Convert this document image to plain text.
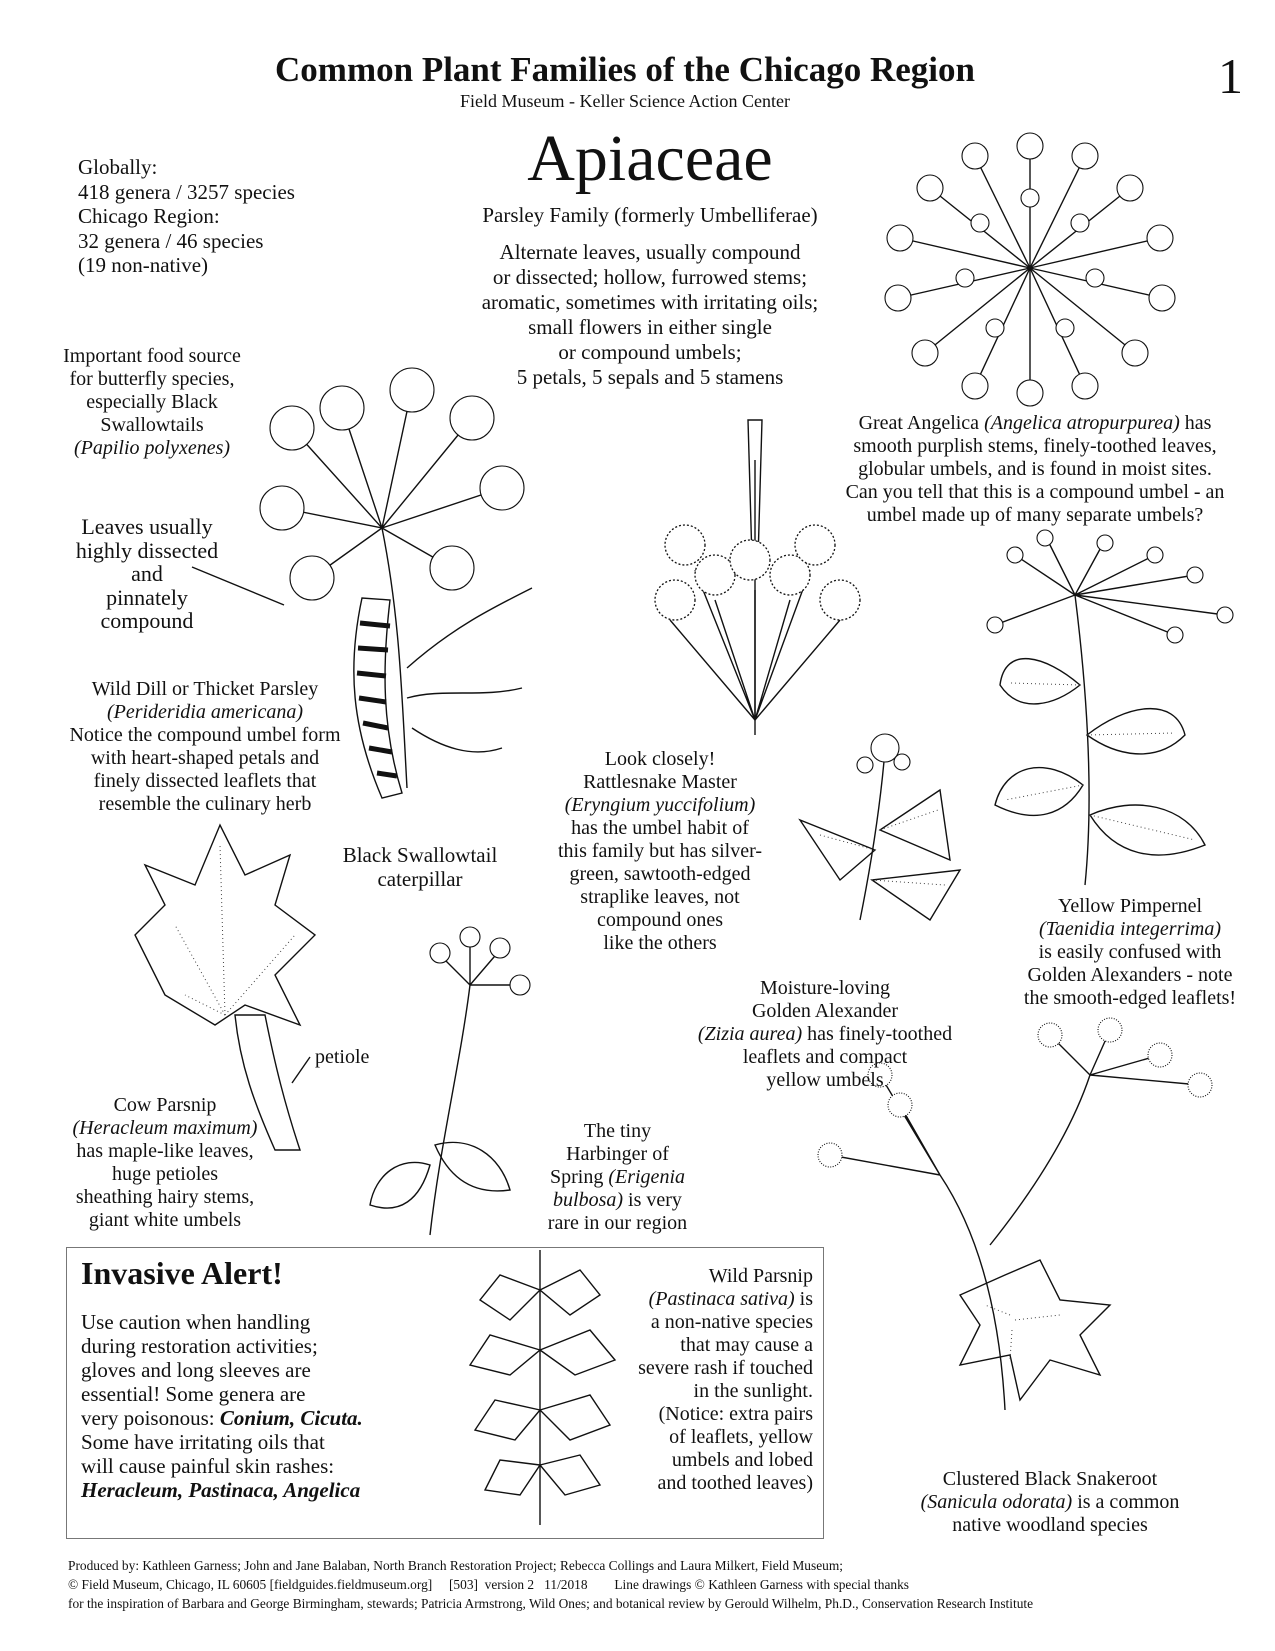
Common Plant Families of the Chicago Region
Field Museum - Keller Science Action Center	1
Apiaceae
Parsley Family (formerly Umbelliferae)
Alternate leaves, usually compound
or dissected; hollow, furrowed stems;
aromatic, sometimes with irritating oils;
small flowers in either single
or compound umbels;
5 petals, 5 sepals and 5 stamens
Globally:
418 genera / 3257 species
Chicago Region:
32 genera / 46 species
(19 non-native)
Important food source
for butterfly species,
especially Black
Swallowtails
(Papilio polyxenes)
Leaves usually
highly dissected
and
pinnately
compound
Wild Dill or Thicket Parsley
(Perideridia americana)
Notice the compound umbel form
with heart-shaped petals and
finely dissected leaflets that
resemble the culinary herb
Black Swallowtail
caterpillar
Great Angelica (Angelica atropurpurea) has
smooth purplish stems, finely-toothed leaves,
globular umbels, and is found in moist sites.
Can you tell that this is a compound umbel - an
umbel made up of many separate umbels?
Look closely!
Rattlesnake Master
(Eryngium yuccifolium)
has the umbel habit of
this family but has silver-
green, sawtooth-edged
straplike leaves, not
compound ones
like the others
Yellow Pimpernel
(Taenidia integerrima)
is easily confused with
Golden Alexanders - note
the smooth-edged leaflets!
Moisture-loving
Golden Alexander
(Zizia aurea) has finely-toothed
leaflets and compact
yellow umbels
petiole
Cow Parsnip
(Heracleum maximum)
has maple-like leaves,
huge petioles
sheathing hairy stems,
giant white umbels
The tiny
Harbinger of
Spring (Erigenia
bulbosa) is very
rare in our region
Clustered Black Snakeroot
(Sanicula odorata) is a common
native woodland species
Invasive Alert!
Use caution when handling
during restoration activities;
gloves and long sleeves are
essential! Some genera are
very poisonous: Conium, Cicuta.
Some have irritating oils that
will cause painful skin rashes:
Heracleum, Pastinaca, Angelica
Wild Parsnip
(Pastinaca sativa) is
a non-native species
that may cause a
severe rash if touched
in the sunlight.
(Notice: extra pairs
of leaflets, yellow
umbels and lobed
and toothed leaves)
Produced by: Kathleen Garness; John and Jane Balaban, North Branch Restoration Project; Rebecca Collings and Laura Milkert, Field Museum;
© Field Museum, Chicago, IL 60605 [fieldguides.fieldmuseum.org]     [503]  version 2   11/2018        Line drawings © Kathleen Garness with special thanks
for the inspiration of Barbara and George Birmingham, stewards; Patricia Armstrong, Wild Ones; and botanical review by Gerould Wilhelm, Ph.D., Conservation Research Institute
